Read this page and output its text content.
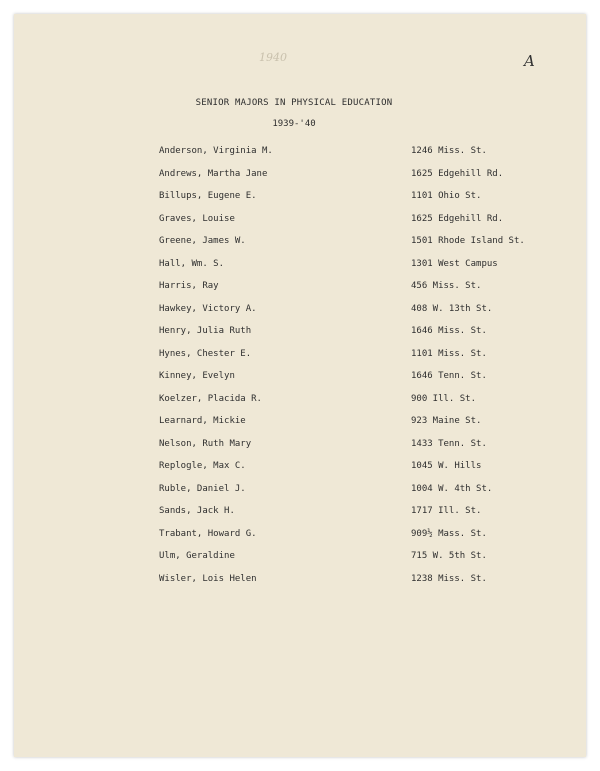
1940	A
SENIOR MAJORS IN PHYSICAL EDUCATION
1939-'40
Anderson, Virginia M.	1246 Miss. St.
Andrews, Martha Jane	1625 Edgehill Rd.
Billups, Eugene E.	1101 Ohio St.
Graves, Louise	1625 Edgehill Rd.
Greene, James W.	1501 Rhode Island St.
Hall, Wm. S.	1301 West Campus
Harris, Ray	456 Miss. St.
Hawkey, Victory A.	408 W. 13th St.
Henry, Julia Ruth	1646 Miss. St.
Hynes, Chester E.	1101 Miss. St.
Kinney, Evelyn	1646 Tenn. St.
Koelzer, Placida R.	900 Ill. St.
Learnard, Mickie	923 Maine St.
Nelson, Ruth Mary	1433 Tenn. St.
Replogle, Max C.	1045 W. Hills
Ruble, Daniel J.	1004 W. 4th St.
Sands, Jack H.	1717 Ill. St.
Trabant, Howard G.	909½ Mass. St.
Ulm, Geraldine	715 W. 5th St.
Wisler, Lois Helen	1238 Miss. St.
